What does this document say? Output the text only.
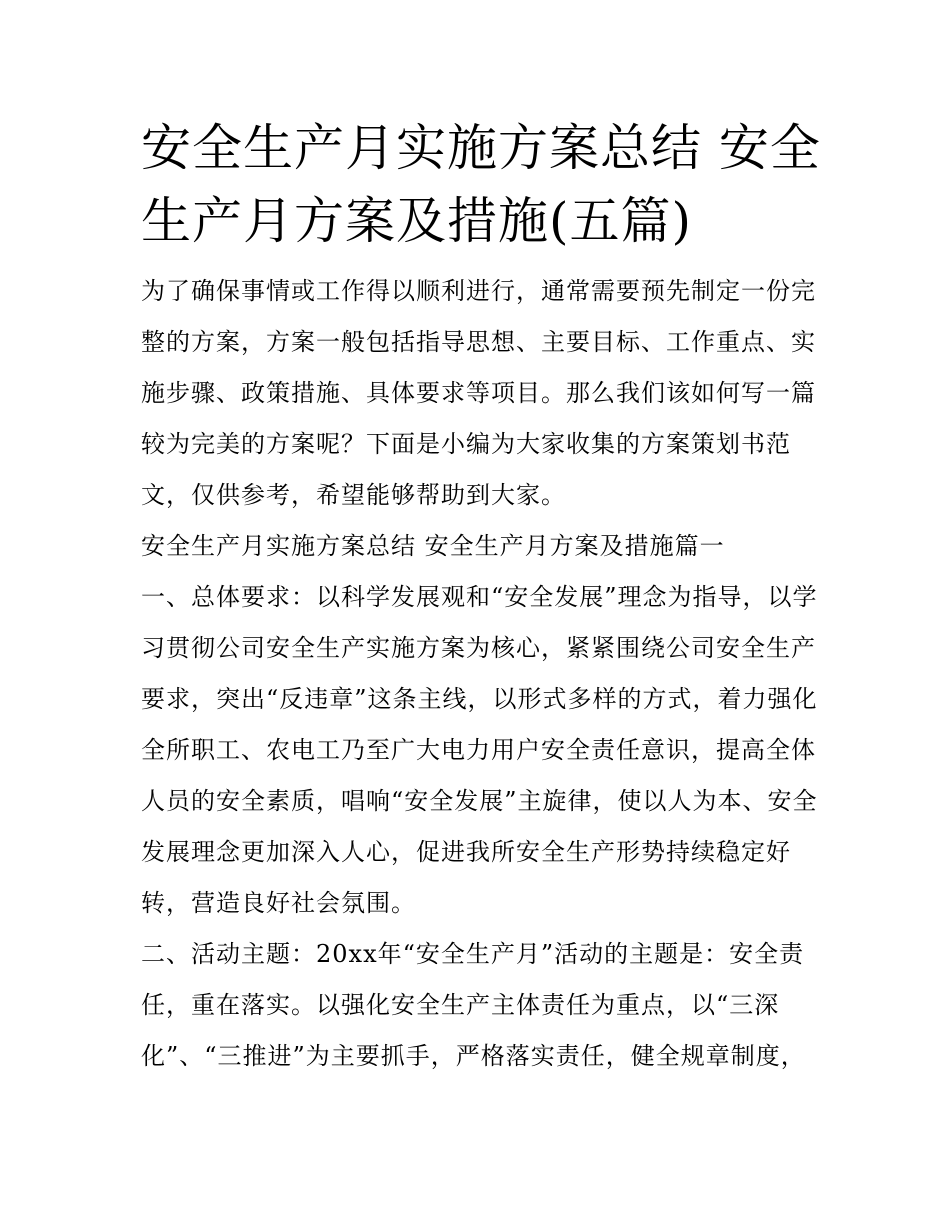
安全生产月实施方案总结 安全生产月方案及措施(五篇)

为了确保事情或工作得以顺利进行，通常需要预先制定一份完整的方案，方案一般包括指导思想、主要目标、工作重点、实施步骤、政策措施、具体要求等项目。那么我们该如何写一篇较为完美的方案呢？下面是小编为大家收集的方案策划书范文，仅供参考，希望能够帮助到大家。

安全生产月实施方案总结 安全生产月方案及措施篇一

一、总体要求：以科学发展观和“安全发展”理念为指导，以学习贯彻公司安全生产实施方案为核心，紧紧围绕公司安全生产要求，突出“反违章”这条主线，以形式多样的方式，着力强化全所职工、农电工乃至广大电力用户安全责任意识，提高全体人员的安全素质，唱响“安全发展”主旋律，使以人为本、安全发展理念更加深入人心，促进我所安全生产形势持续稳定好转，营造良好社会氛围。

二、活动主题：20xx年“安全生产月”活动的主题是：安全责任，重在落实。以强化安全生产主体责任为重点，以“三深化”、“三推进”为主要抓手，严格落实责任，健全规章制度，
